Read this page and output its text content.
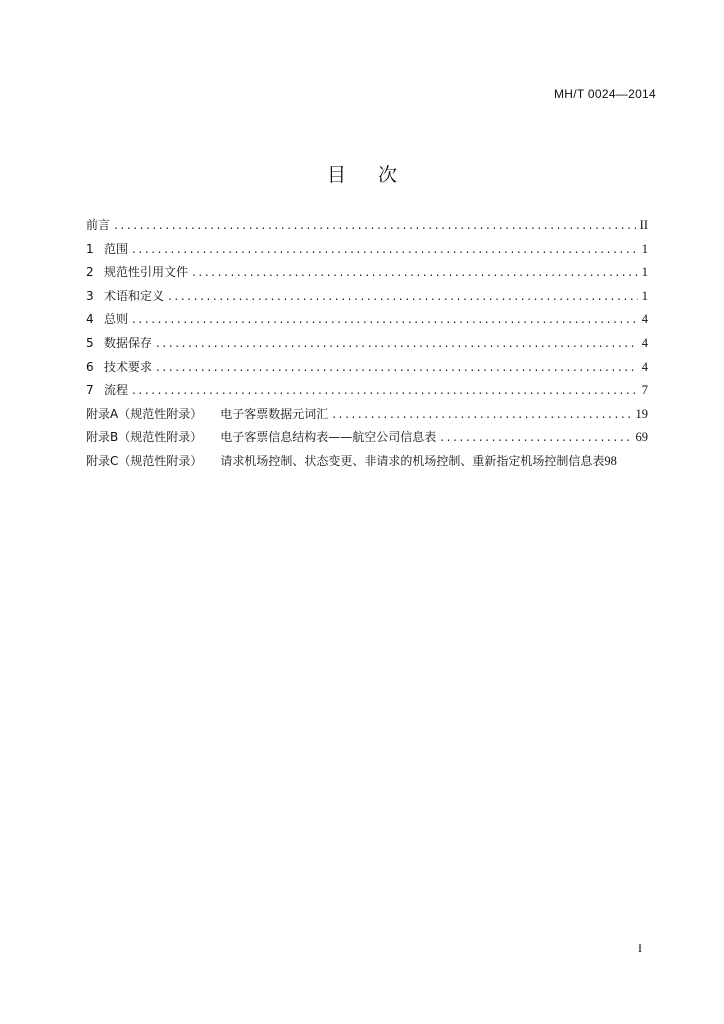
MH/T 0024—2014
目次
前言 .....	II
1 范围 .....	1
2 规范性引用文件 .....	1
3 术语和定义 .....	1
4 总则 .....	4
5 数据保存 .....	4
6 技术要求 .....	4
7 流程 .....	7
附录A（规范性附录） 电子客票数据元词汇 .....	19
附录B（规范性附录） 电子客票信息结构表——航空公司信息表 .....	69
附录C（规范性附录） 请求机场控制、状态变更、非请求的机场控制、重新指定机场控制信息表 98
I
